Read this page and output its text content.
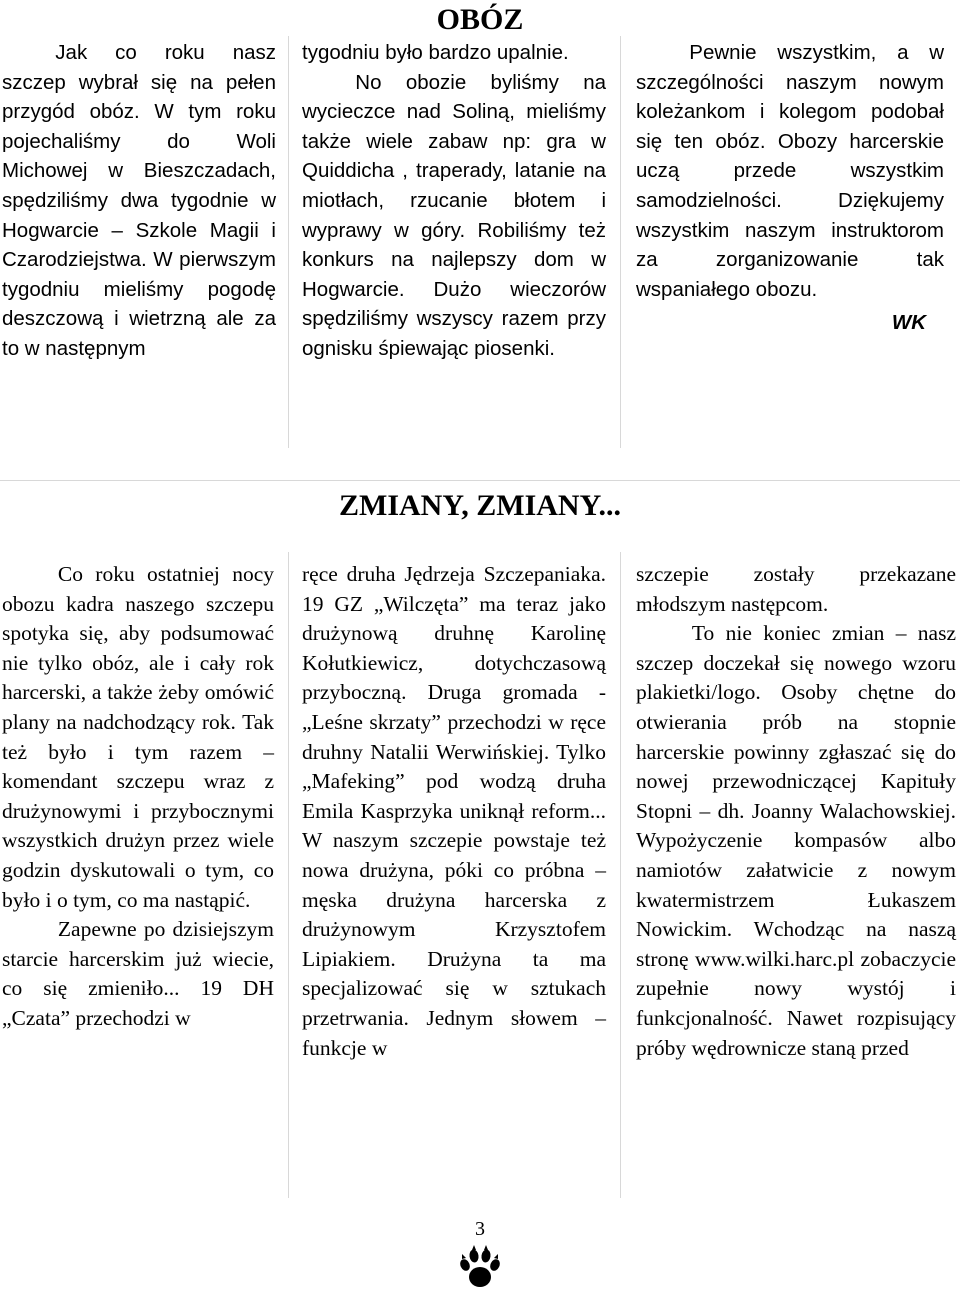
OBÓZ

Jak co roku nasz szczep wybrał się na pełen przygód obóz. W tym roku pojechaliśmy do Woli Michowej w Bieszczadach, spędziliśmy dwa tygodnie w Hogwarcie – Szkole Magii i Czarodziejstwa. W pierwszym tygodniu mieliśmy pogodę deszczową i wietrzną ale za to w następnym

tygodniu było bardzo upalnie.

No obozie byliśmy na wycieczce nad Soliną, mieliśmy także wiele zabaw np: gra w Quiddicha , traperady, latanie na miotłach, rzucanie błotem i wyprawy w góry. Robiliśmy też konkurs na najlepszy dom w Hogwarcie. Dużo wieczorów spędziliśmy wszyscy razem przy ognisku śpiewając piosenki.

Pewnie wszystkim, a w szczególności naszym nowym koleżankom i kolegom podobał się ten obóz. Obozy harcerskie uczą przede wszystkim samodzielności. Dziękujemy wszystkim naszym instruktorom za zorganizowanie tak wspaniałego obozu.

WK

ZMIANY, ZMIANY...

Co roku ostatniej nocy obozu kadra naszego szczepu spotyka się, aby podsumować nie tylko obóz, ale i cały rok harcerski, a także żeby omówić plany na nadchodzący rok. Tak też było i tym razem – komendant szczepu wraz z drużynowymi i przybocznymi wszystkich drużyn przez wiele godzin dyskutowali o tym, co było i o tym, co ma nastąpić.

Zapewne po dzisiejszym starcie harcerskim już wiecie, co się zmieniło... 19 DH „Czata” przechodzi w

ręce druha Jędrzeja Szczepaniaka. 19 GZ „Wilczęta” ma teraz jako drużynową druhnę Karolinę Kołutkiewicz, dotychczasową przyboczną. Druga gromada - „Leśne skrzaty” przechodzi w ręce druhny Natalii Werwińskiej. Tylko „Mafeking” pod wodzą druha Emila Kasprzyka uniknął reform... W naszym szczepie powstaje też nowa drużyna, póki co próbna – męska drużyna harcerska z drużynowym Krzysztofem Lipiakiem. Drużyna ta ma specjalizować się w sztukach przetrwania. Jednym słowem – funkcje w

szczepie zostały przekazane młodszym następcom.

To nie koniec zmian – nasz szczep doczekał się nowego wzoru plakietki/logo. Osoby chętne do otwierania prób na stopnie harcerskie powinny zgłaszać się do nowej przewodniczącej Kapituły Stopni – dh. Joanny Walachowskiej. Wypożyczenie kompasów albo namiotów załatwicie z nowym kwatermistrzem Łukaszem Nowickim. Wchodząc na naszą stronę www.wilki.harc.pl zobaczycie zupełnie nowy wystój i funkcjonalność. Nawet rozpisujący próby wędrownicze staną przed

3
